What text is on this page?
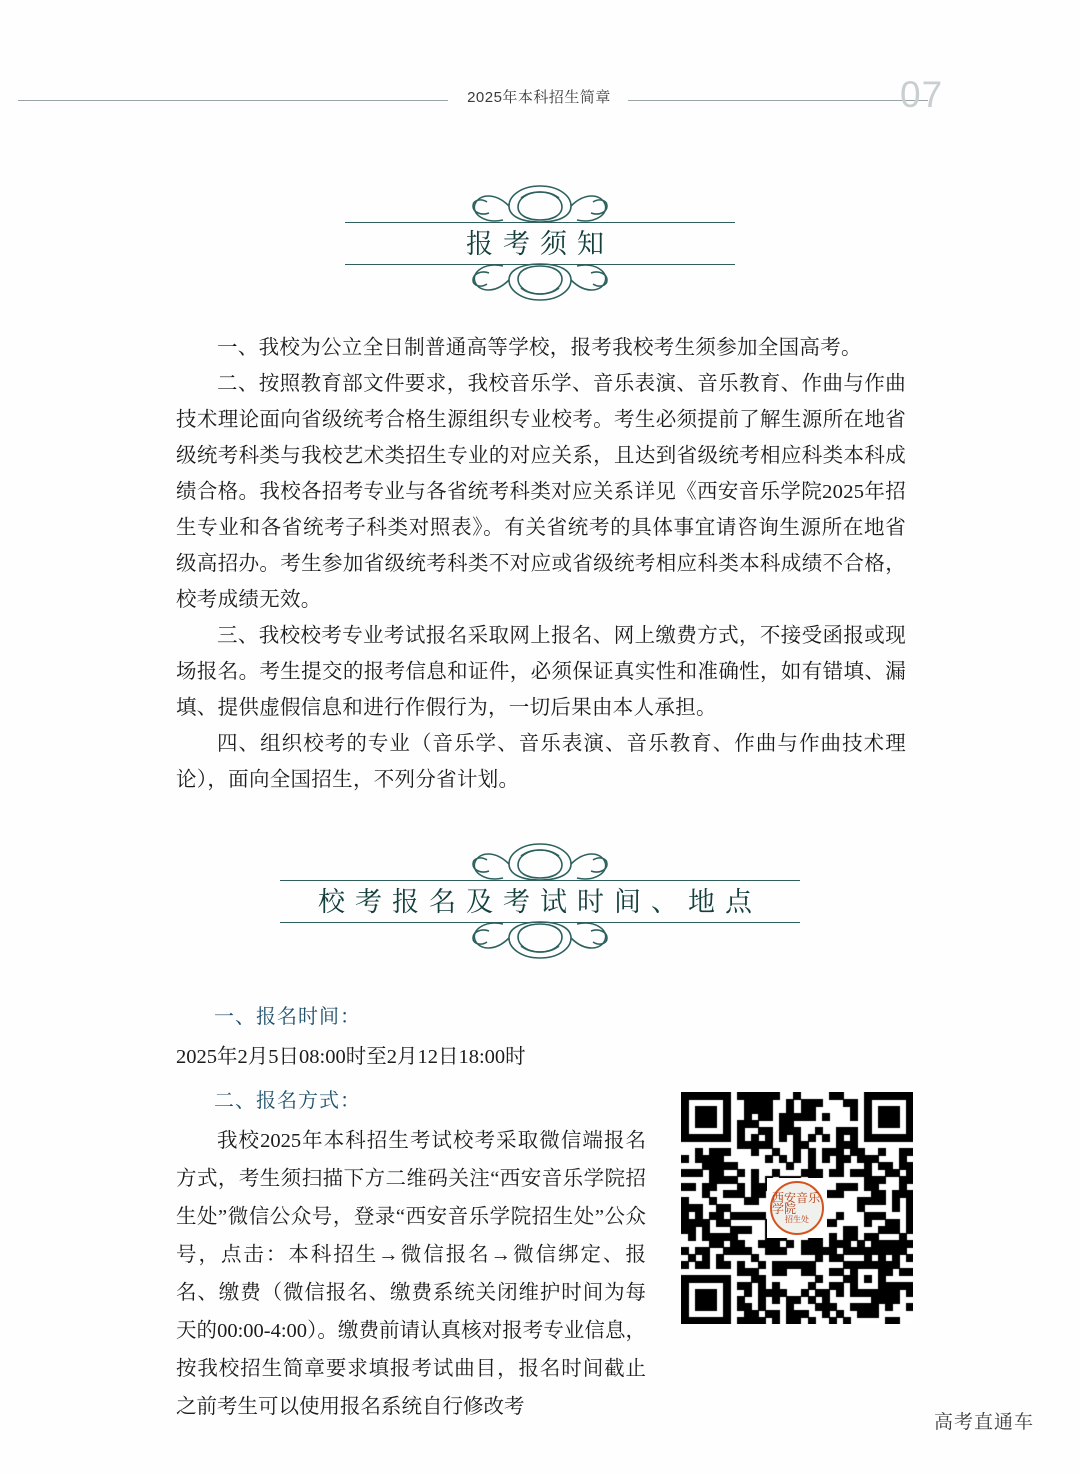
2025年本科招生简章	07
报考须知

一、我校为公立全日制普通高等学校，报考我校考生须参加全国高考。

二、按照教育部文件要求，我校音乐学、音乐表演、音乐教育、作曲与作曲技术理论面向省级统考合格生源组织专业校考。考生必须提前了解生源所在地省级统考科类与我校艺术类招生专业的对应关系，且达到省级统考相应科类本科成绩合格。我校各招考专业与各省统考科类对应关系详见《西安音乐学院2025年招生专业和各省统考子科类对照表》。有关省统考的具体事宜请咨询生源所在地省级高招办。考生参加省级统考科类不对应或省级统考相应科类本科成绩不合格，校考成绩无效。

三、我校校考专业考试报名采取网上报名、网上缴费方式，不接受函报或现场报名。考生提交的报考信息和证件，必须保证真实性和准确性，如有错填、漏填、提供虚假信息和进行作假行为，一切后果由本人承担。

四、组织校考的专业（音乐学、音乐表演、音乐教育、作曲与作曲技术理论），面向全国招生，不列分省计划。

校考报名及考试时间、地点

一、报名时间：

2025年2月5日08:00时至2月12日18:00时

二、报名方式：

我校2025年本科招生考试校考采取微信端报名方式，考生须扫描下方二维码关注“西安音乐学院招生处”微信公众号，登录“西安音乐学院招生处”公众号，点击：本科招生→微信报名→微信绑定、报名、缴费（微信报名、缴费系统关闭维护时间为每天的00:00-4:00）。缴费前请认真核对报考专业信息，按我校招生简章要求填报考试曲目，报名时间截止之前考生可以使用报名系统自行修改考

西安音乐学院
招生处
高考直通车
